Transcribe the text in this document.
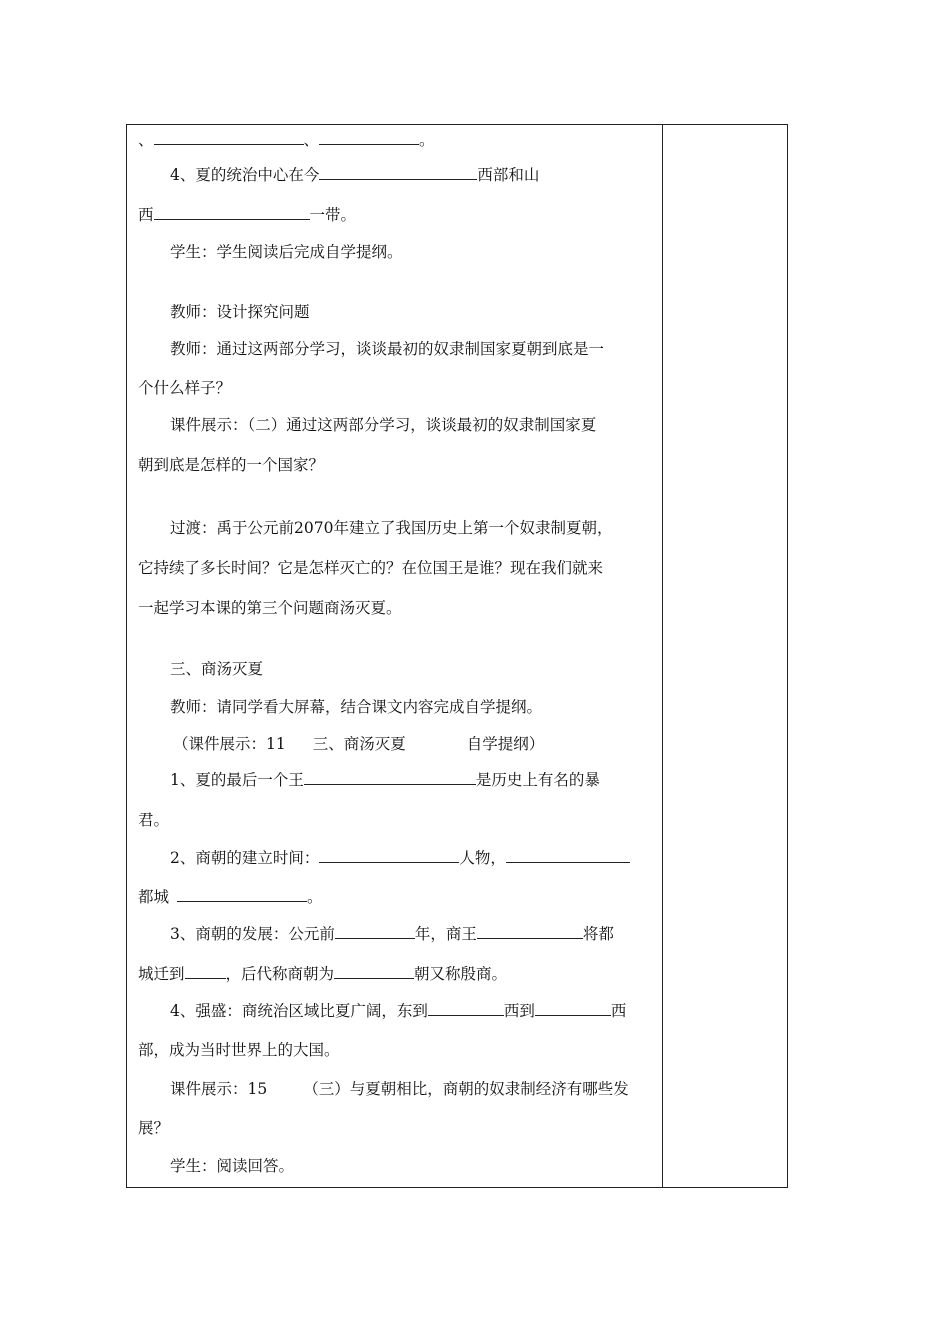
、	、	。
4、夏的统治中心在今	西部和山
西	一带。
学生：学生阅读后完成自学提纲。
教师：设计探究问题
教师：通过这两部分学习，谈谈最初的奴隶制国家夏朝到底是一
个什么样子？
课件展示：（二）通过这两部分学习，谈谈最初的奴隶制国家夏
朝到底是怎样的一个国家？
过渡：禹于公元前2070年建立了我国历史上第一个奴隶制夏朝，
它持续了多长时间？它是怎样灭亡的？在位国王是谁？现在我们就来
一起学习本课的第三个问题商汤灭夏。
三、商汤灭夏
教师：请同学看大屏幕，结合课文内容完成自学提纲。
（课件展示：11 三、商汤灭夏	自学提纲）
1、夏的最后一个王	是历史上有名的暴
君。
2、商朝的建立时间：	人物，
都城	。
3、商朝的发展：公元前	年，商王	将都
城迁到	，后代称商朝为	朝又称殷商。
4、强盛：商统治区域比夏广阔，东到	西到	西
部，成为当时世界上的大国。
课件展示：15 （三）与夏朝相比，商朝的奴隶制经济有哪些发
展？
学生：阅读回答。
